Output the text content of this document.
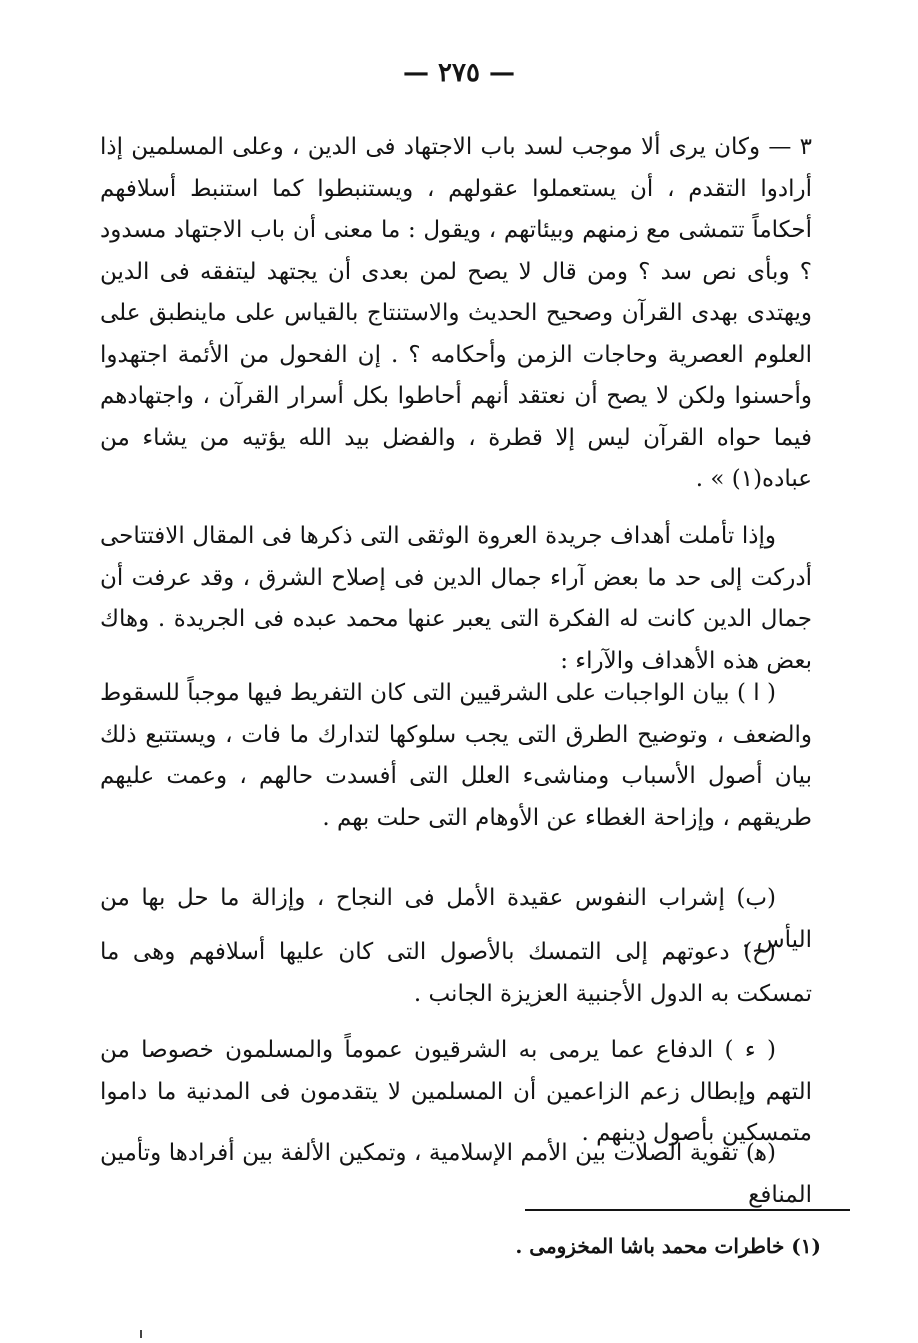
— ٢٧٥ —
٣ — وكان يرى ألا موجب لسد باب الاجتهاد فى الدين ، وعلى المسلمين إذا أرادوا التقدم ، أن يستعملوا عقولهم ، ويستنبطوا كما استنبط أسلافهم أحكاماً تتمشى مع زمنهم وبيئاتهم ، ويقول : ما معنى أن باب الاجتهاد مسدود ؟ وبأى نص سد ؟ ومن قال لا يصح لمن بعدى أن يجتهد ليتفقه فى الدين ويهتدى بهدى القرآن وصحيح الحديث والاستنتاج بالقياس على ماينطبق على العلوم العصرية وحاجات الزمن وأحكامه ؟ . إن الفحول من الأئمة اجتهدوا وأحسنوا ولكن لا يصح أن نعتقد أنهم أحاطوا بكل أسرار القرآن ، واجتهادهم فيما حواه القرآن ليس إلا قطرة ، والفضل بيد الله يؤتيه من يشاء من عباده(١) » .
وإذا تأملت أهداف جريدة العروة الوثقى التى ذكرها فى المقال الافتتاحى أدركت إلى حد ما بعض آراء جمال الدين فى إصلاح الشرق ، وقد عرفت أن جمال الدين كانت له الفكرة التى يعبر عنها محمد عبده فى الجريدة . وهاك بعض هذه الأهداف والآراء :
( ا ) بيان الواجبات على الشرقيين التى كان التفريط فيها موجباً للسقوط والضعف ، وتوضيح الطرق التى يجب سلوكها لتدارك ما فات ، ويستتبع ذلك بيان أصول الأسباب ومناشىء العلل التى أفسدت حالهم ، وعمت عليهم طريقهم ، وإزاحة الغطاء عن الأوهام التى حلت بهم .
(ب) إشراب النفوس عقيدة الأمل فى النجاح ، وإزالة ما حل بها من اليأس .
(ح) دعوتهم إلى التمسك بالأصول التى كان عليها أسلافهم وهى ما تمسكت به الدول الأجنبية العزيزة الجانب .
( ء ) الدفاع عما يرمى به الشرقيون عموماً والمسلمون خصوصا من التهم وإبطال زعم الزاعمين أن المسلمين لا يتقدمون فى المدنية ما داموا متمسكين بأصول دينهم .
(ﻫ) تقوية الصلات بين الأمم الإسلامية ، وتمكين الألفة بين أفرادها وتأمين المنافع
(١) خاطرات محمد باشا المخزومى .
